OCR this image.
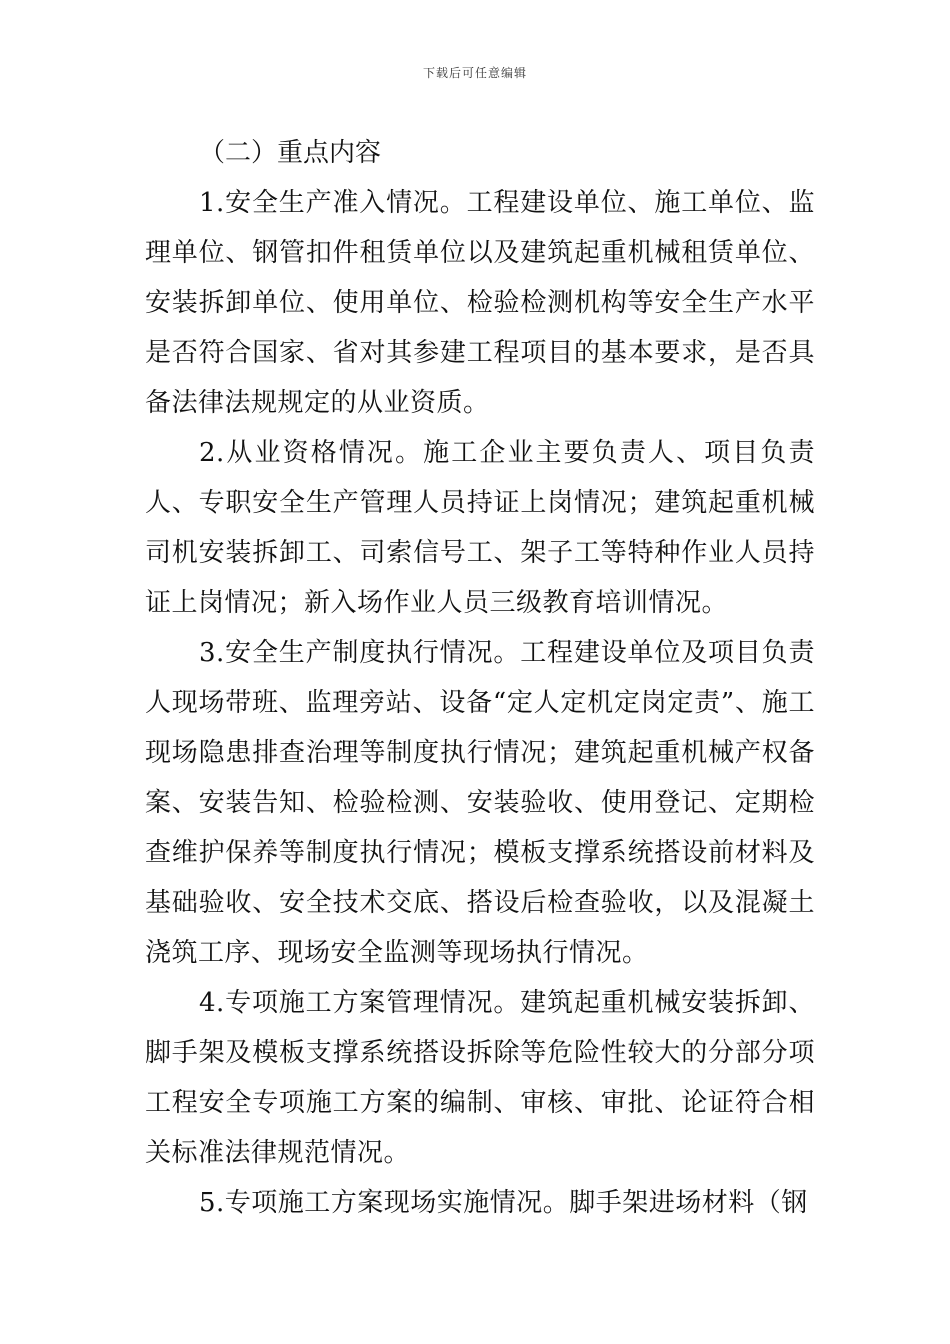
下载后可任意编辑

（二）重点内容

1.安全生产准入情况。工程建设单位、施工单位、监理单位、钢管扣件租赁单位以及建筑起重机械租赁单位、安装拆卸单位、使用单位、检验检测机构等安全生产水平是否符合国家、省对其参建工程项目的基本要求，是否具备法律法规规定的从业资质。

2.从业资格情况。施工企业主要负责人、项目负责人、专职安全生产管理人员持证上岗情况；建筑起重机械司机安装拆卸工、司索信号工、架子工等特种作业人员持证上岗情况；新入场作业人员三级教育培训情况。

3.安全生产制度执行情况。工程建设单位及项目负责人现场带班、监理旁站、设备“定人定机定岗定责”、施工现场隐患排查治理等制度执行情况；建筑起重机械产权备案、安装告知、检验检测、安装验收、使用登记、定期检查维护保养等制度执行情况；模板支撑系统搭设前材料及基础验收、安全技术交底、搭设后检查验收，以及混凝土浇筑工序、现场安全监测等现场执行情况。

4.专项施工方案管理情况。建筑起重机械安装拆卸、脚手架及模板支撑系统搭设拆除等危险性较大的分部分项工程安全专项施工方案的编制、审核、审批、论证符合相关标准法律规范情况。

5.专项施工方案现场实施情况。脚手架进场材料（钢
